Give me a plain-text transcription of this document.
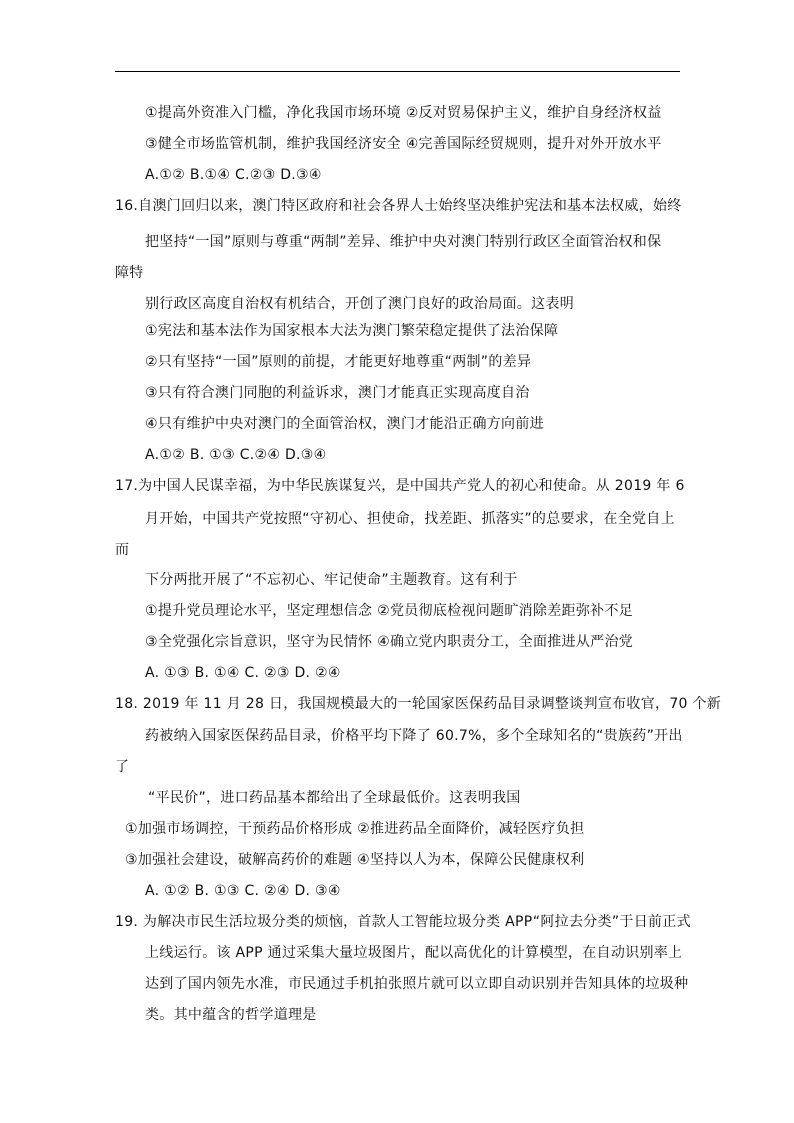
①提高外资准入门槛，净化我国市场环境 ②反对贸易保护主义，维护自身经济权益
③健全市场监管机制，维护我国经济安全 ④完善国际经贸规则，提升对外开放水平
A.①② B.①④ C.②③ D.③④
16.自澳门回归以来，澳门特区政府和社会各界人士始终坚决维护宪法和基本法权威，始终
把坚持“一国”原则与尊重“两制”差异、维护中央对澳门特别行政区全面管治权和保
障特
别行政区高度自治权有机结合，开创了澳门良好的政治局面。这表明
①宪法和基本法作为国家根本大法为澳门繁荣稳定提供了法治保障
②只有坚持“一国”原则的前提，才能更好地尊重“两制”的差异
③只有符合澳门同胞的利益诉求，澳门才能真正实现高度自治
④只有维护中央对澳门的全面管治权，澳门才能沿正确方向前进
A.①② B. ①③ C.②④ D.③④
17.为中国人民谋幸福，为中华民族谋复兴，是中国共产党人的初心和使命。从 2019 年 6
月开始，中国共产党按照“守初心、担使命，找差距、抓落实”的总要求，在全党自上
而
下分两批开展了“不忘初心、牢记使命”主题教育。这有利于
①提升党员理论水平，坚定理想信念 ②党员彻底检视问题旷消除差距弥补不足
③全党强化宗旨意识，坚守为民情怀 ④确立党内职责分工，全面推进从严治党
A. ①③ B. ①④ C. ②③ D. ②④
18. 2019 年 11 月 28 日，我国规模最大的一轮国家医保药品目录调整谈判宣布收官，70 个新
药被纳入国家医保药品目录，价格平均下降了 60.7%，多个全球知名的“贵族药”开出
了
“平民价”，进口药品基本都给出了全球最低价。这表明我国
①加强市场调控，干预药品价格形成 ②推进药品全面降价，减轻医疗负担
③加强社会建设，破解高药价的难题 ④坚持以人为本，保障公民健康权利
A. ①② B. ①③ C. ②④ D. ③④
19. 为解决市民生活垃圾分类的烦恼，首款人工智能垃圾分类 APP“阿拉去分类”于日前正式
上线运行。该 APP 通过采集大量垃圾图片，配以高优化的计算模型，在自动识别率上
达到了国内领先水准，市民通过手机拍张照片就可以立即自动识别并告知具体的垃圾种
类。其中蕴含的哲学道理是
